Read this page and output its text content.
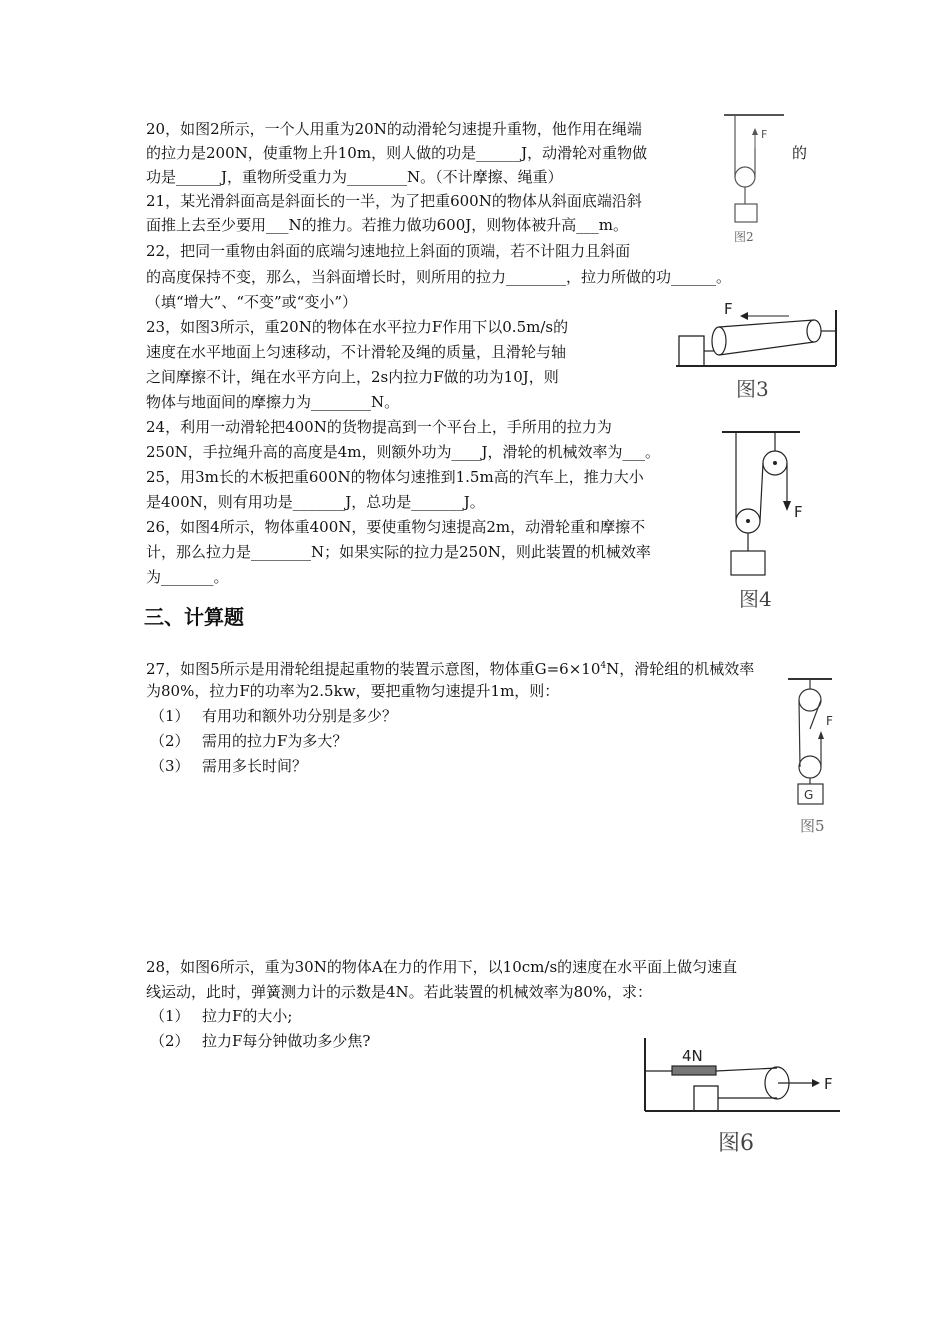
20，如图2所示，一个人用重为20N的动滑轮匀速提升重物，他作用在绳端
的拉力是200N，使重物上升10m，则人做的功是______J，动滑轮对重物做	的
功是______J，重物所受重力为________N。（不计摩擦、绳重）
21，某光滑斜面高是斜面长的一半，为了把重600N的物体从斜面底端沿斜
面推上去至少要用___N的推力。若推力做功600J，则物体被升高___m。
22，把同一重物由斜面的底端匀速地拉上斜面的顶端，若不计阻力且斜面
的高度保持不变，那么，当斜面增长时，则所用的拉力________，拉力所做的功______。
（填“增大”、“不变”或“变小”）
23，如图3所示，重20N的物体在水平拉力F作用下以0.5m/s的
速度在水平地面上匀速移动，不计滑轮及绳的质量，且滑轮与轴
之间摩擦不计，绳在水平方向上，2s内拉力F做的功为10J，则
物体与地面间的摩擦力为________N。
24，利用一动滑轮把400N的货物提高到一个平台上，手所用的拉力为
250N，手拉绳升高的高度是4m，则额外功为____J，滑轮的机械效率为___。
25，用3m长的木板把重600N的物体匀速推到1.5m高的汽车上，推力大小
是400N，则有用功是_______J，总功是_______J。
26，如图4所示，物体重400N，要使重物匀速提高2m，动滑轮重和摩擦不
计，那么拉力是________N；如果实际的拉力是250N，则此装置的机械效率
为_______。
三、计算题
27，如图5所示是用滑轮组提起重物的装置示意图，物体重$G=6\times 10^4N$，滑轮组的机械效率
为80%，拉力F的功率为2.5kw，要把重物匀速提升1m，则：
（1） 有用功和额外功分别是多少？
（2） 需用的拉力F为多大？
（3） 需用多长时间？
28，如图6所示，重为30N的物体A在力的作用下，以10cm/s的速度在水平面上做匀速直
线运动，此时，弹簧测力计的示数是4N。若此装置的机械效率为80%，求：
（1） 拉力F的大小;
（2） 拉力F每分钟做功多少焦?
F
图2
F
图3
F
图4
F
G
图5
4N
F
图6
